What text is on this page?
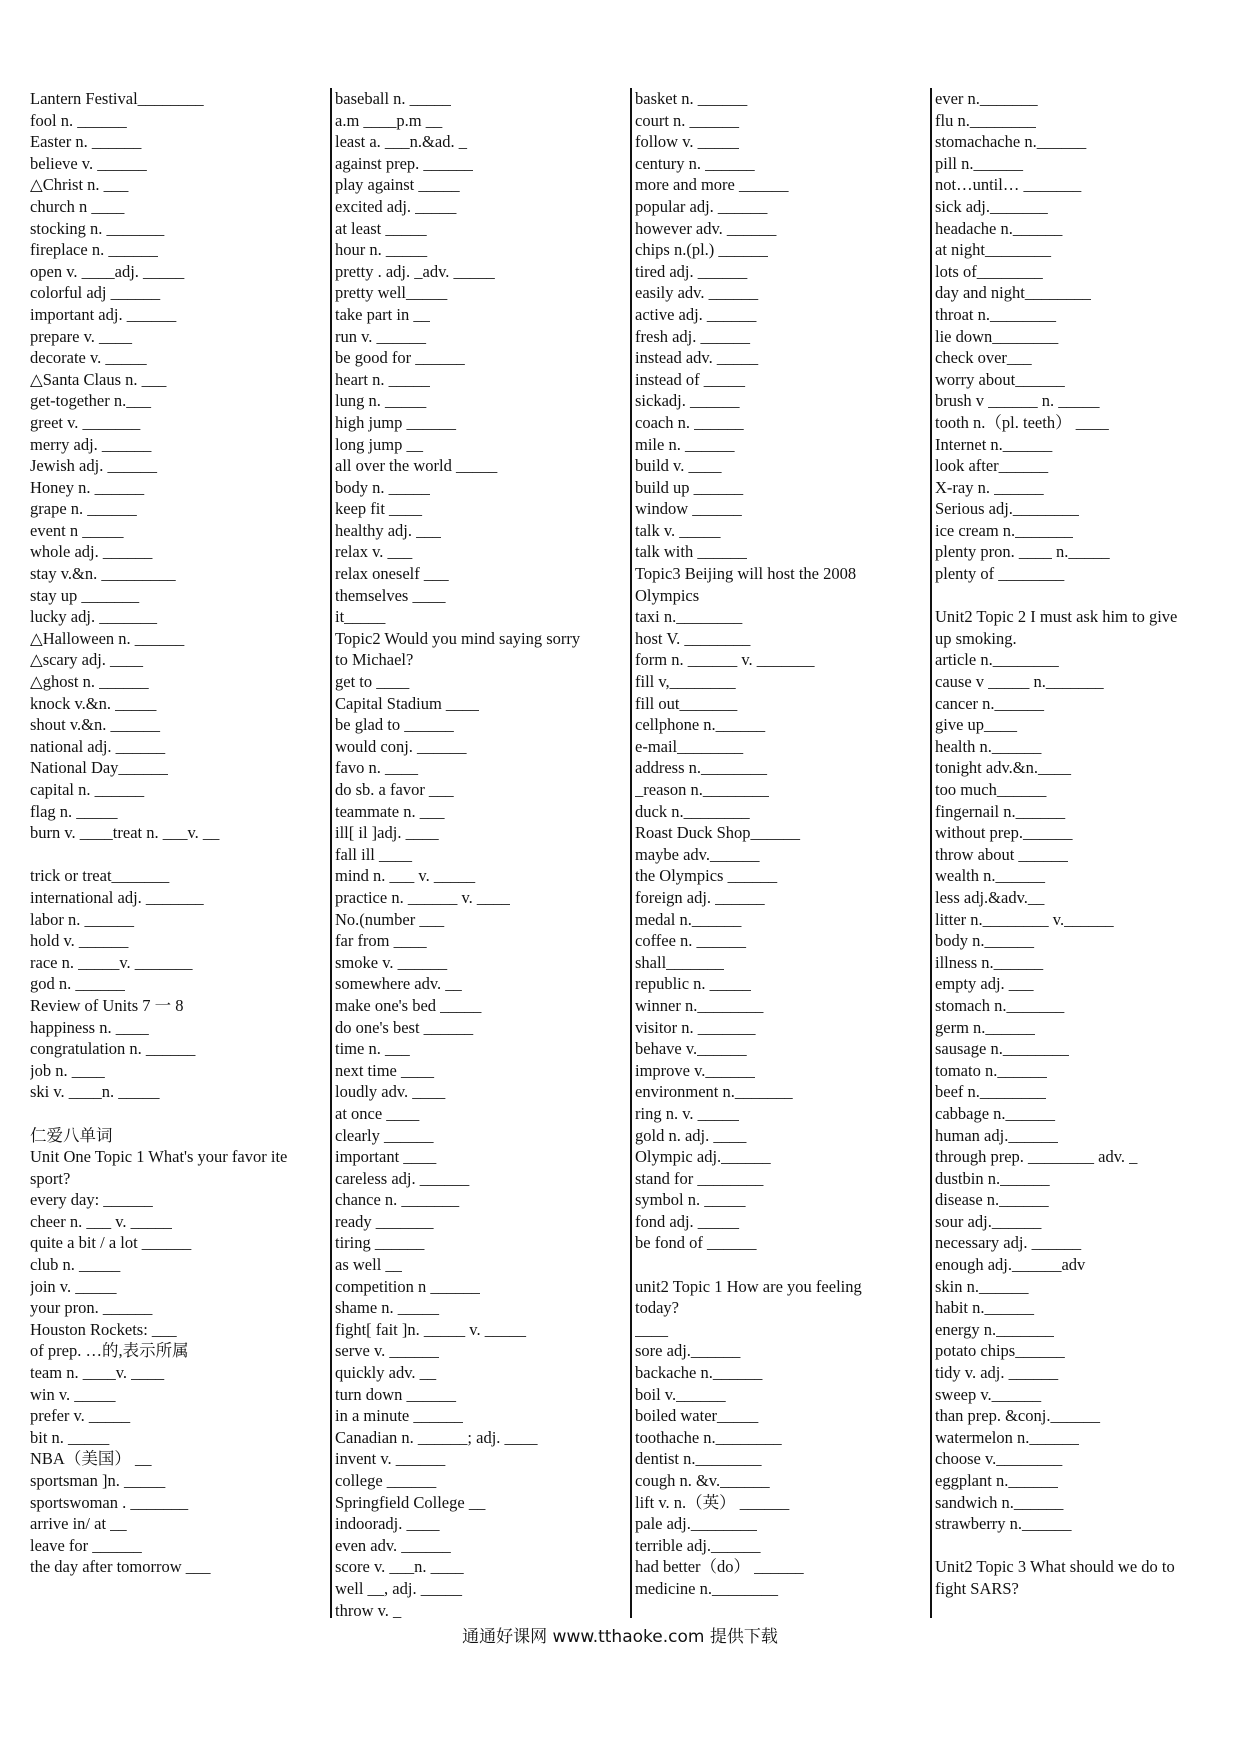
Lantern Festival________
fool n. ______
Easter n. ______
believe v. ______
△Christ n. ___
church n ____
stocking n. _______
fireplace n. ______
open v. ____adj. _____
colorful adj ______
important adj. ______
prepare v. ____
decorate v. _____
△Santa Claus n. ___
get-together n.___
greet v. _______
merry adj. ______
Jewish adj. ______
Honey n. ______
grape n. ______
event n _____
whole adj. ______
stay v.&n. _________
stay up _______
lucky adj. _______
△Halloween n. ______
△scary adj. ____
△ghost n. ______
knock v.&n. _____
shout v.&n. ______
national adj. ______
National Day______
capital n. ______
flag n. _____
burn v. ____treat n. ___v. __
trick or treat_______
international adj. _______
labor n. ______
hold v. ______
race n. _____v. _______
god n. ______
Review of Units 7 一 8
happiness n. ____
congratulation n. ______
job n. ____
ski v. ____n. _____
仁爱八单词
Unit One Topic 1 What's your favor ite sport?
every day: ______
cheer n. ___ v. _____
quite a bit / a lot ______
club n. _____
join v. _____
your pron. ______
Houston Rockets: ___
of prep. …的,表示所属
team n. ____v. ____
win v. _____
prefer v. _____
bit n. _____
NBA（美国） __
sportsman ]n. _____
sportswoman . _______
arrive in/ at __
leave for ______
the day after tomorrow ___
baseball n. _____
a.m ____p.m __
least a. ___n.&ad. _
against prep. ______
play against _____
excited adj. _____
at least _____
hour n. _____
pretty . adj. _adv. _____
pretty well_____
take part in __
run v. ______
be good for ______
heart n. _____
lung n. _____
high jump ______
long jump __
all over the world _____
body n. _____
keep fit ____
healthy adj. ___
relax v. ___
relax oneself ___
themselves ____
it_____
Topic2 Would you mind saying sorry to Michael?
get to ____
Capital Stadium ____
be glad to ______
would conj. ______
favo n. ____
do sb. a favor ___
teammate n. ___
ill[ il ]adj. ____
fall ill ____
mind n. ___ v. _____
practice n. ______ v. ____
No.(number ___
far from ____
smoke v. ______
somewhere adv. __
make one's bed _____
do one's best ______
time n. ___
next time ____
loudly adv. ____
at once ____
clearly ______
important ____
careless adj. ______
chance n. _______
ready _______
tiring ______
as well __
competition n ______
shame n. _____
fight[ fait ]n. _____ v. _____
serve v. ______
quickly adv. __
turn down ______
in a minute ______
Canadian n. ______; adj. ____
invent v. ______
college ______
Springfield College __
indooradj. ____
even adv. ______
score v. ___n. ____
well __, adj. _____
throw v. _
basket n. ______
court n. ______
follow v. _____
century n. ______
more and more ______
popular adj. ______
however adv. ______
chips n.(pl.) ______
tired adj. ______
easily adv. ______
active adj. ______
fresh adj. ______
instead adv. _____
instead of _____
sickadj. ______
coach n. ______
mile n. ______
build v. ____
build up ______
window ______
talk v. _____
talk with ______
Topic3 Beijing will host the 2008 Olympics
taxi n.________
host V. ________
form n. ______ v. _______
fill v,________
fill out_______
cellphone n.______
e-mail________
address n.________
_reason n.________
duck n.________
Roast Duck Shop______
maybe adv.______
the Olympics ______
foreign adj. ______
medal n.______
coffee n. ______
shall_______
republic n. _____
winner n.________
visitor n. _______
behave v.______
improve v.______
environment n._______
ring n. v. _____
gold n. adj. ____
Olympic adj.______
stand for ________
symbol n. _____
fond adj. _____
be fond of ______
unit2 Topic 1 How are you feeling today?
____
sore adj.______
backache n.______
boil v.______
boiled water_____
toothache n.________
dentist n.________
cough n. &v.______
lift v. n.（英） ______
pale adj.________
terrible adj.______
had better（do） ______
medicine n.________
ever n._______
flu n.________
stomachache n.______
pill n.______
not…until… _______
sick adj._______
headache n.______
at night________
lots of________
day and night________
throat n.________
lie down________
check over___
worry about______
brush v ______ n. _____
tooth n.（pl. teeth） ____
Internet n.______
look after______
X-ray n. ______
Serious adj.________
ice cream n._______
plenty pron. ____ n._____
plenty of ________
Unit2 Topic 2 I must ask him to give up smoking.
article n.________
cause v _____ n._______
cancer n.______
give up____
health n.______
tonight adv.&n.____
too much______
fingernail n.______
without prep.______
throw about ______
wealth n.______
less adj.&adv.__
litter n.________ v.______
body n.______
illness n.______
empty adj. ___
stomach n._______
germ n.______
sausage n.________
tomato n.______
beef n.________
cabbage n.______
human adj.______
through prep. ________ adv. _
dustbin n.______
disease n.______
sour adj.______
necessary adj. ______
enough adj.______adv
skin n.______
habit n.______
energy n._______
potato chips______
tidy v. adj. ______
sweep v.______
than prep. &conj.______
watermelon n.______
choose v.________
eggplant n.______
sandwich n.______
strawberry n.______
Unit2 Topic 3 What should we do to fight SARS?
通通好课网 www.tthaoke.com 提供下载
